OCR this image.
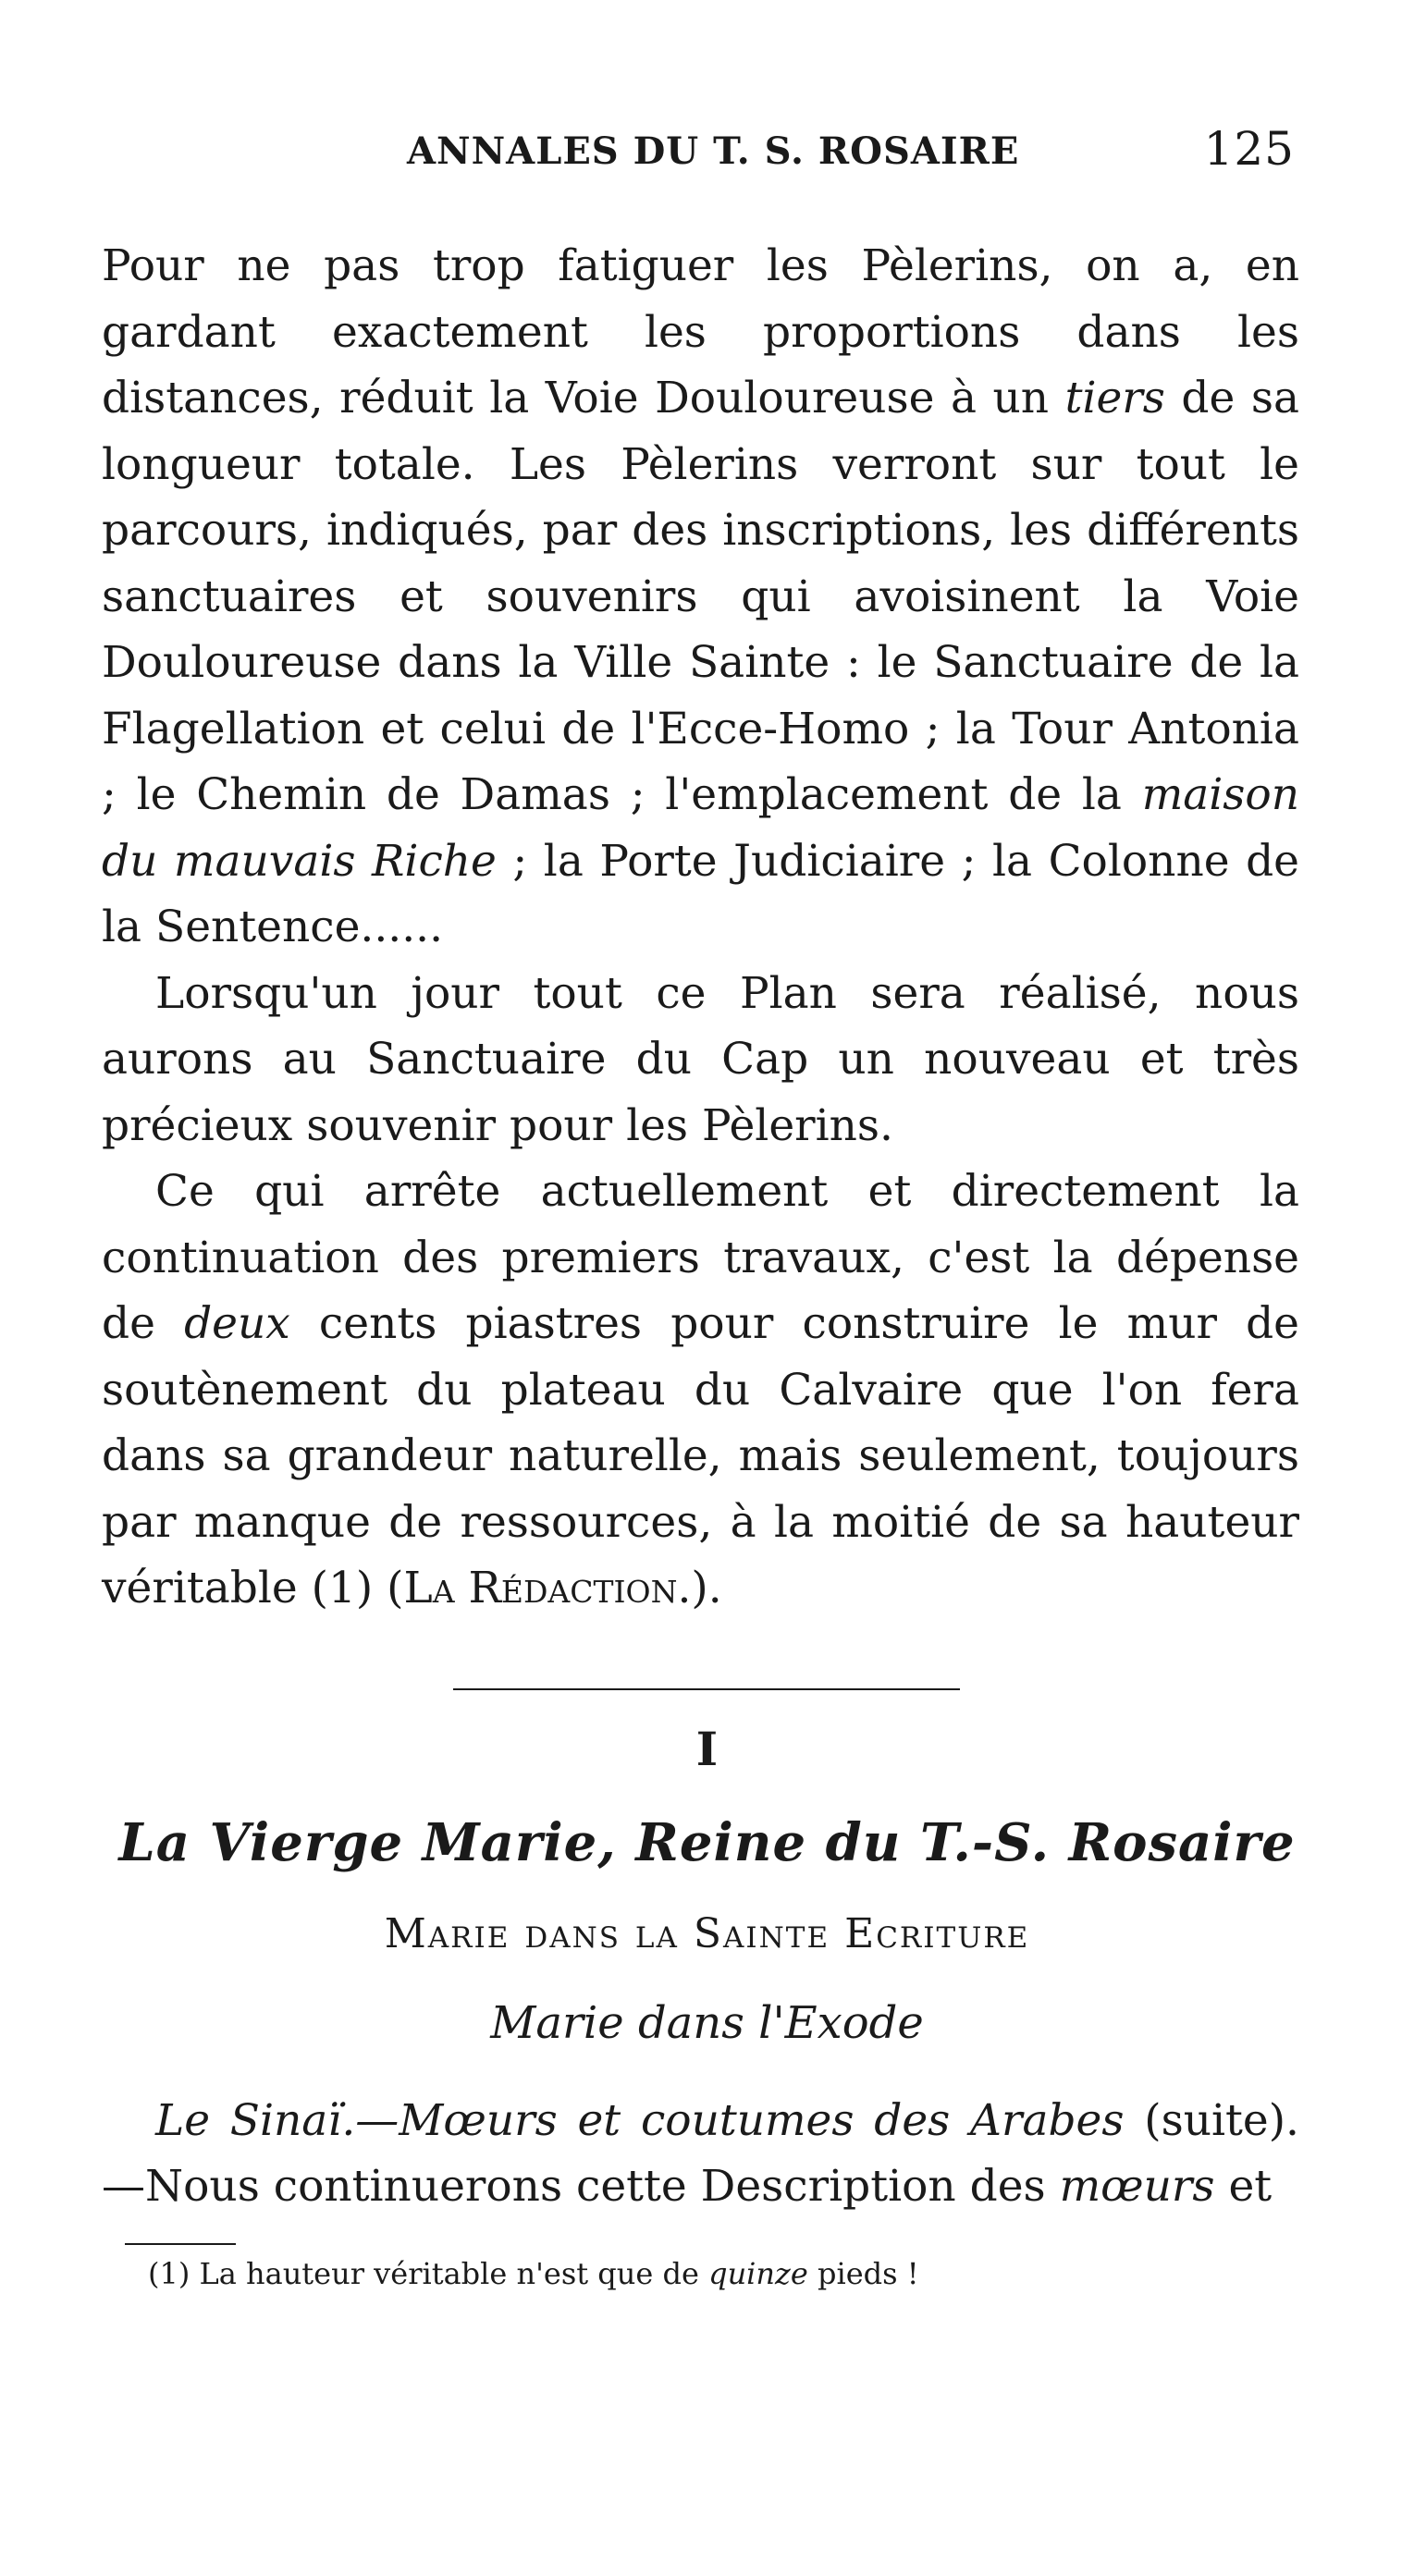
ANNALES DU T. S. ROSAIRE	125

Pour ne pas trop fatiguer les Pèlerins, on a, en gardant exactement les proportions dans les distances, réduit la Voie Douloureuse à un tiers de sa longueur totale. Les Pèlerins verront sur tout le parcours, indiqués, par des inscriptions, les différents sanctuaires et souvenirs qui avoisinent la Voie Douloureuse dans la Ville Sainte : le Sanctuaire de la Flagellation et celui de l'Ecce-Homo ; la Tour Antonia ; le Chemin de Damas ; l'emplacement de la maison du mauvais Riche ; la Porte Judiciaire ; la Colonne de la Sentence......

Lorsqu'un jour tout ce Plan sera réalisé, nous aurons au Sanctuaire du Cap un nouveau et très précieux souvenir pour les Pèlerins.

Ce qui arrête actuellement et directement la continuation des premiers travaux, c'est la dépense de deux cents piastres pour construire le mur de soutènement du plateau du Calvaire que l'on fera dans sa grandeur naturelle, mais seulement, toujours par manque de ressources, à la moitié de sa hauteur véritable (1) (La Rédaction.).

I
La Vierge Marie, Reine du T.-S. Rosaire
Marie dans la Sainte Ecriture
Marie dans l'Exode

Le Sinaï.—Mœurs et coutumes des Arabes (suite). —Nous continuerons cette Description des mœurs et

(1) La hauteur véritable n'est que de quinze pieds !
